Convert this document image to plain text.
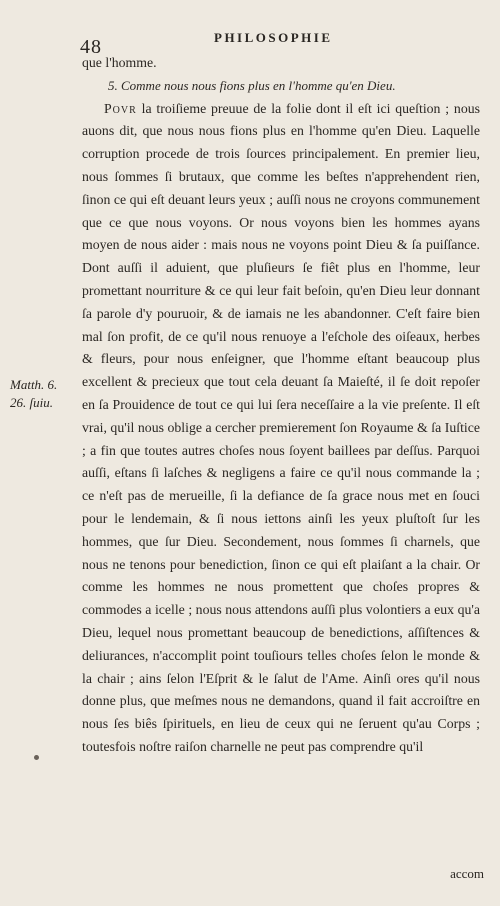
48	PHILOSOPHIE
Matth. 6.
26. ſuiu.

que l'homme.

5. Comme nous nous fions plus en l'homme qu'en Dieu.

Povr la troiſieme preuue de la folie dont il eſt ici queſtion ; nous auons dit, que nous nous fions plus en l'homme qu'en Dieu. Laquelle corruption procede de trois ſources principalement. En premier lieu, nous ſommes ſi brutaux, que comme les beſtes n'apprehendent rien, ſinon ce qui eſt deuant leurs yeux ; auſſi nous ne croyons communement que ce que nous voyons. Or nous voyons bien les hommes ayans moyen de nous aider : mais nous ne voyons point Dieu & ſa puiſſance. Dont auſſi il aduient, que pluſieurs ſe fiêt plus en l'homme, leur promettant nourriture & ce qui leur fait beſoin, qu'en Dieu leur donnant ſa parole d'y pouruoir, & de iamais ne les abandonner. C'eſt faire bien mal ſon profit, de ce qu'il nous renuoye a l'eſchole des oiſeaux, herbes & fleurs, pour nous enſeigner, que l'homme eſtant beaucoup plus excellent & precieux que tout cela deuant ſa Maieſté, il ſe doit repoſer en ſa Prouidence de tout ce qui lui ſera neceſſaire a la vie preſente. Il eſt vrai, qu'il nous oblige a cercher premierement ſon Royaume & ſa Iuſtice ; a fin que toutes autres choſes nous ſoyent baillees par deſſus. Parquoi auſſi, eſtans ſi laſches & negligens a faire ce qu'il nous commande la ; ce n'eſt pas de merueille, ſi la defiance de ſa grace nous met en ſouci pour le lendemain, & ſi nous iettons ainſi les yeux pluſtoſt ſur les hommes, que ſur Dieu. Secondement, nous ſommes ſi charnels, que nous ne tenons pour benediction, ſinon ce qui eſt plaiſant a la chair. Or comme les hommes ne nous promettent que choſes propres & commodes a icelle ; nous nous attendons auſſi plus volontiers a eux qu'a Dieu, lequel nous promettant beaucoup de benedictions, aſſiſtences & deliurances, n'accomplit point touſiours telles choſes ſelon le monde & la chair ; ains ſelon l'Eſprit & le ſalut de l'Ame. Ainſi ores qu'il nous donne plus, que meſmes nous ne demandons, quand il fait accroiſtre en nous ſes biês ſpirituels, en lieu de ceux qui ne ſeruent qu'au Corps ; toutesfois noſtre raiſon charnelle ne peut pas comprendre qu'il

accom
